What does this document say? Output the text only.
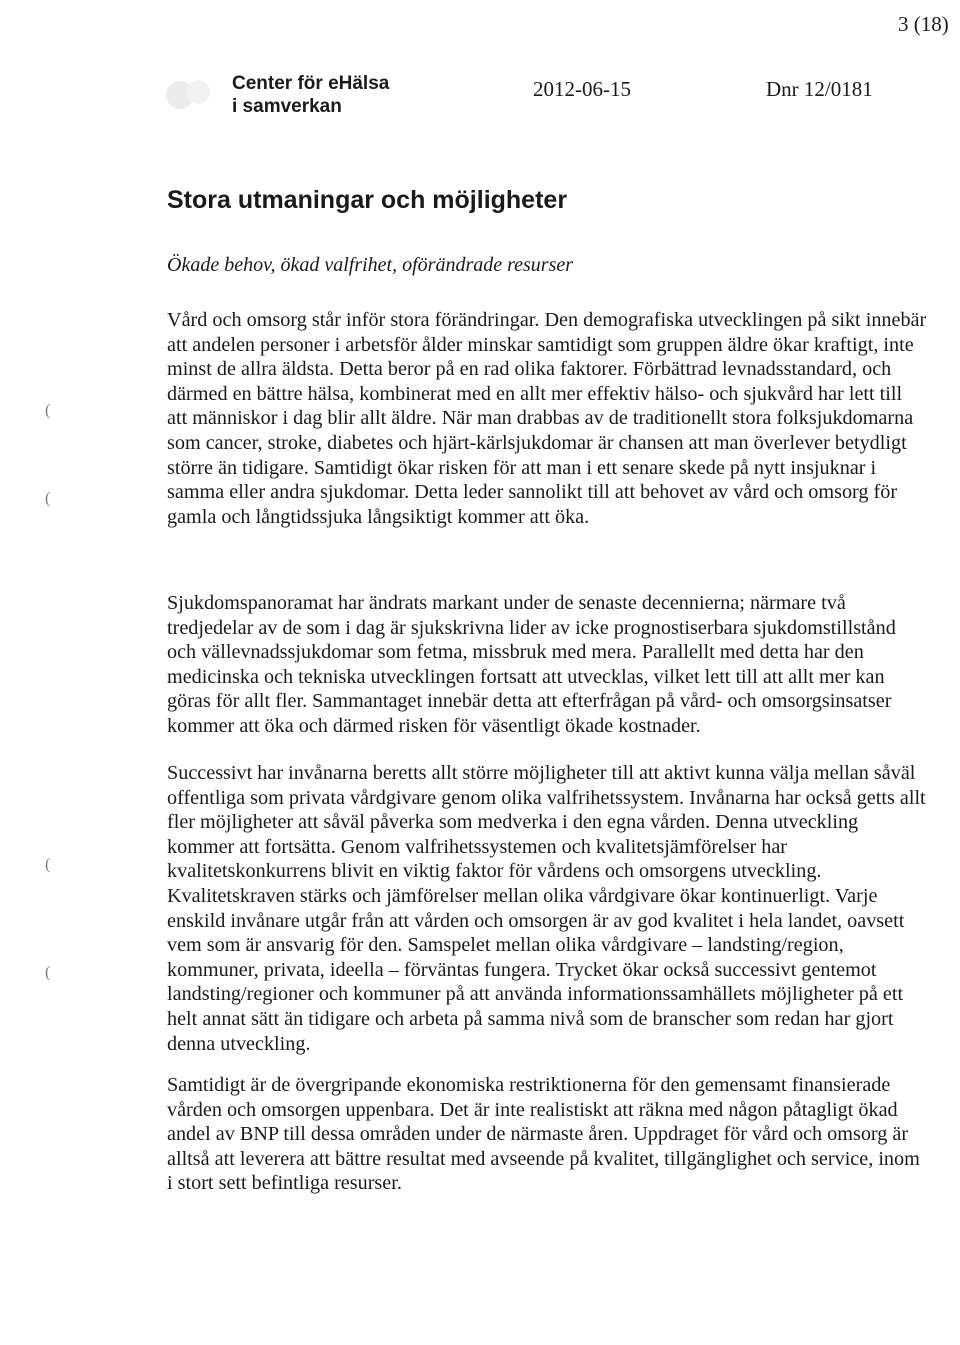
3 (18)
Center för eHälsa
i samverkan
2012-06-15	Dnr 12/0181
Stora utmaningar och möjligheter

Ökade behov, ökad valfrihet, oförändrade resurser

Vård och omsorg står inför stora förändringar. Den demografiska utvecklingen på sikt innebär att andelen personer i arbetsför ålder minskar samtidigt som gruppen äldre ökar kraftigt, inte minst de allra äldsta. Detta beror på en rad olika faktorer. Förbättrad levnadsstandard, och därmed en bättre hälsa, kombinerat med en allt mer effektiv hälso- och sjukvård har lett till att människor i dag blir allt äldre. När man drabbas av de traditionellt stora folksjukdomarna som cancer, stroke, diabetes och hjärt-kärlsjukdomar är chansen att man överlever betydligt större än tidigare. Samtidigt ökar risken för att man i ett senare skede på nytt insjuknar i samma eller andra sjukdomar. Detta leder sannolikt till att behovet av vård och omsorg för gamla och långtidssjuka långsiktigt kommer att öka.

Sjukdomspanoramat har ändrats markant under de senaste decennierna; närmare två tredjedelar av de som i dag är sjukskrivna lider av icke prognostiserbara sjukdomstillstånd och vällevnadssjukdomar som fetma, missbruk med mera. Parallellt med detta har den medicinska och tekniska utvecklingen fortsatt att utvecklas, vilket lett till att allt mer kan göras för allt fler. Sammantaget innebär detta att efterfrågan på vård- och omsorgsinsatser kommer att öka och därmed risken för väsentligt ökade kostnader.

Successivt har invånarna beretts allt större möjligheter till att aktivt kunna välja mellan såväl offentliga som privata vårdgivare genom olika valfrihetssystem. Invånarna har också getts allt fler möjligheter att såväl påverka som medverka i den egna vården. Denna utveckling kommer att fortsätta. Genom valfrihetssystemen och kvalitetsjämförelser har kvalitetskonkurrens blivit en viktig faktor för vårdens och omsorgens utveckling. Kvalitetskraven stärks och jämförelser mellan olika vårdgivare ökar kontinuerligt. Varje enskild invånare utgår från att vården och omsorgen är av god kvalitet i hela landet, oavsett vem som är ansvarig för den. Samspelet mellan olika vårdgivare – landsting/region, kommuner, privata, ideella – förväntas fungera. Trycket ökar också successivt gentemot landsting/regioner och kommuner på att använda informationssamhällets möjligheter på ett helt annat sätt än tidigare och arbeta på samma nivå som de branscher som redan har gjort denna utveckling.

Samtidigt är de övergripande ekonomiska restriktionerna för den gemensamt finansierade vården och omsorgen uppenbara. Det är inte realistiskt att räkna med någon påtagligt ökad andel av BNP till dessa områden under de närmaste åren. Uppdraget för vård och omsorg är alltså att leverera att bättre resultat med avseende på kvalitet, tillgänglighet och service, inom i stort sett befintliga resurser.

(
(
(
(
